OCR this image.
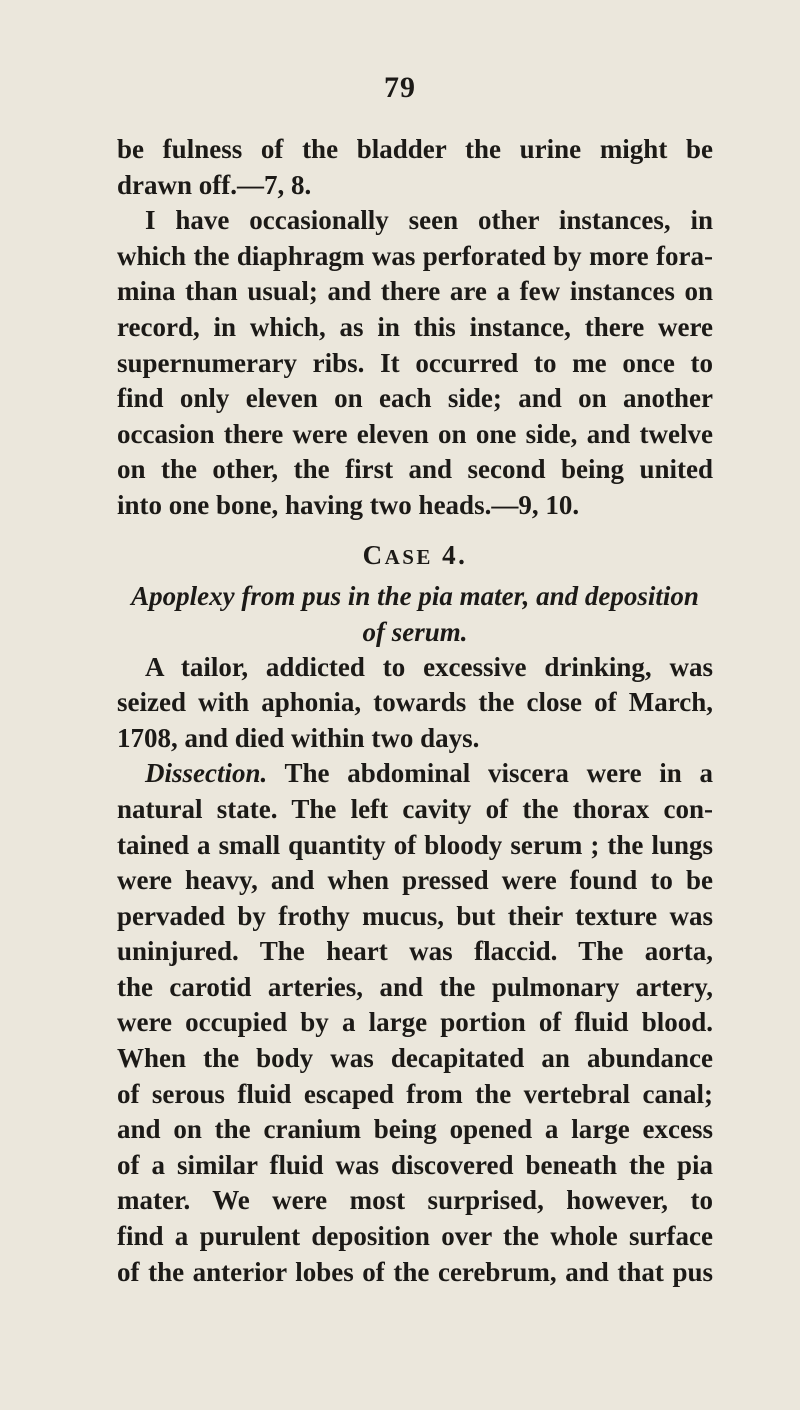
79

be fulness of the bladder the urine might be
drawn off.—7, 8.

I have occasionally seen other instances, in
which the diaphragm was perforated by more fora-
mina than usual; and there are a few instances on
record, in which, as in this instance, there were
supernumerary ribs. It occurred to me once to
find only eleven on each side; and on another
occasion there were eleven on one side, and twelve
on the other, the first and second being united
into one bone, having two heads.—9, 10.

CASE 4.
Apoplexy from pus in the pia mater, and deposition
of serum.

A tailor, addicted to excessive drinking, was
seized with aphonia, towards the close of March,
1708, and died within two days.

Dissection. The abdominal viscera were in a
natural state. The left cavity of the thorax con-
tained a small quantity of bloody serum ; the lungs
were heavy, and when pressed were found to be
pervaded by frothy mucus, but their texture was
uninjured. The heart was flaccid. The aorta,
the carotid arteries, and the pulmonary artery,
were occupied by a large portion of fluid blood.
When the body was decapitated an abundance
of serous fluid escaped from the vertebral canal;
and on the cranium being opened a large excess
of a similar fluid was discovered beneath the pia
mater. We were most surprised, however, to
find a purulent deposition over the whole surface
of the anterior lobes of the cerebrum, and that pus
